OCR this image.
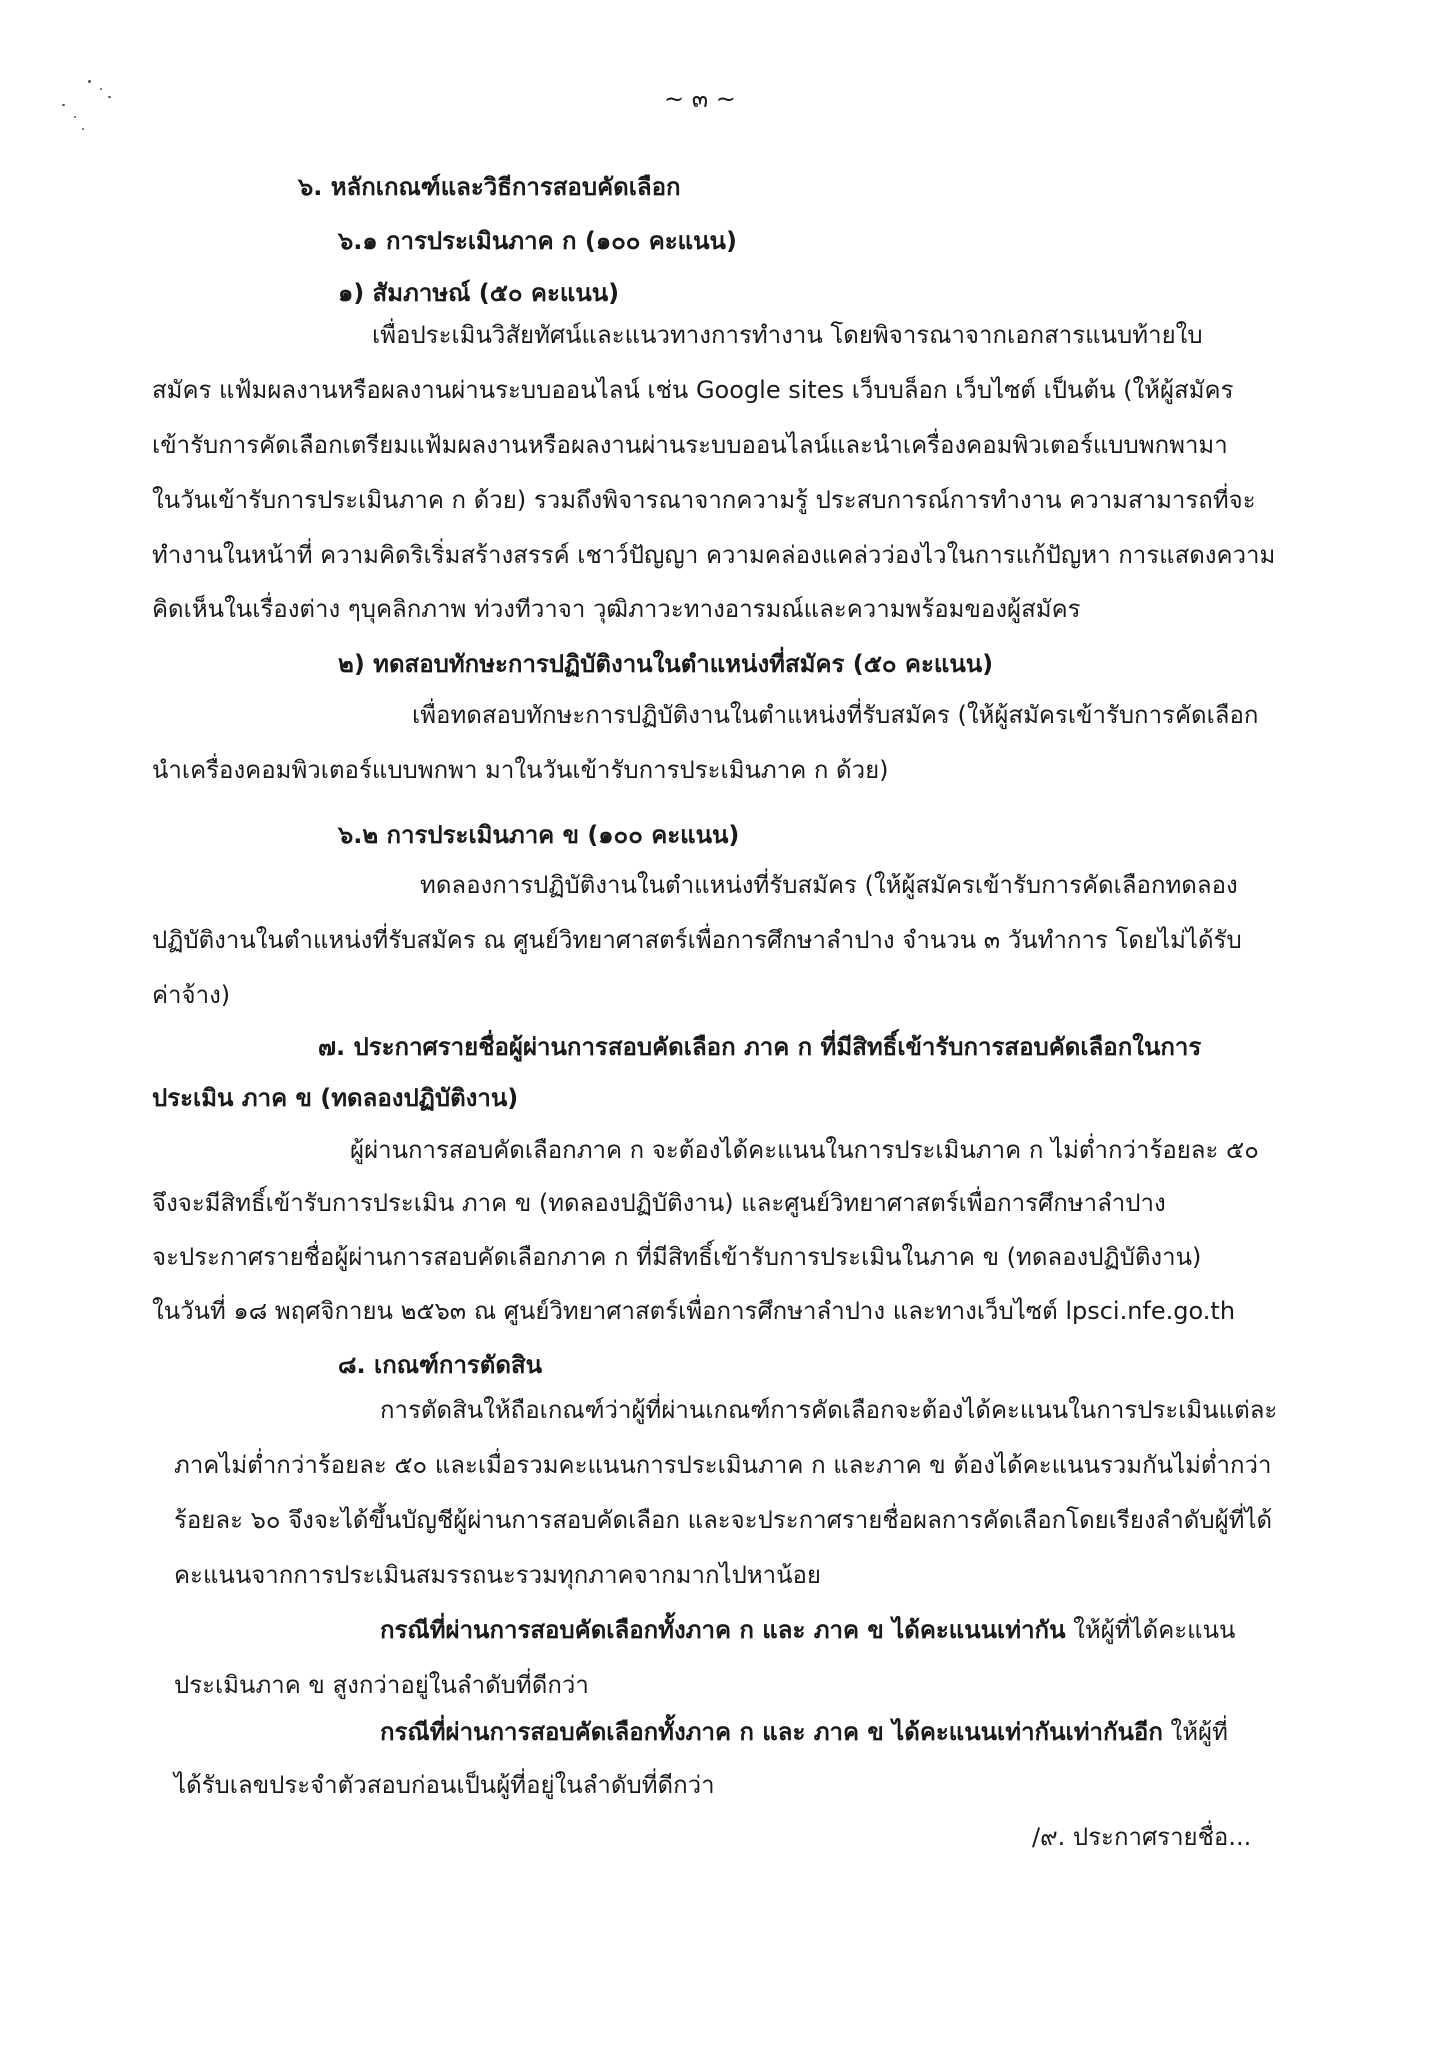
~ ๓ ~
๖. หลักเกณฑ์และวิธีการสอบคัดเลือก
๖.๑ การประเมินภาค ก (๑๐๐ คะแนน)
๑) สัมภาษณ์ (๕๐ คะแนน)
เพื่อประเมินวิสัยทัศน์และแนวทางการทำงาน โดยพิจารณาจากเอกสารแนบท้ายใบ
สมัคร แฟ้มผลงานหรือผลงานผ่านระบบออนไลน์ เช่น Google sites เว็บบล็อก เว็บไซต์ เป็นต้น (ให้ผู้สมัคร
เข้ารับการคัดเลือกเตรียมแฟ้มผลงานหรือผลงานผ่านระบบออนไลน์และนำเครื่องคอมพิวเตอร์แบบพกพามา
ในวันเข้ารับการประเมินภาค ก ด้วย) รวมถึงพิจารณาจากความรู้ ประสบการณ์การทำงาน ความสามารถที่จะ
ทำงานในหน้าที่ ความคิดริเริ่มสร้างสรรค์ เชาว์ปัญญา ความคล่องแคล่วว่องไวในการแก้ปัญหา การแสดงความ
คิดเห็นในเรื่องต่าง ๆบุคลิกภาพ ท่วงทีวาจา วุฒิภาวะทางอารมณ์และความพร้อมของผู้สมัคร
๒) ทดสอบทักษะการปฏิบัติงานในตำแหน่งที่สมัคร (๕๐ คะแนน)
เพื่อทดสอบทักษะการปฏิบัติงานในตำแหน่งที่รับสมัคร (ให้ผู้สมัครเข้ารับการคัดเลือก
นำเครื่องคอมพิวเตอร์แบบพกพา มาในวันเข้ารับการประเมินภาค ก ด้วย)
๖.๒ การประเมินภาค ข (๑๐๐ คะแนน)
ทดลองการปฏิบัติงานในตำแหน่งที่รับสมัคร (ให้ผู้สมัครเข้ารับการคัดเลือกทดลอง
ปฏิบัติงานในตำแหน่งที่รับสมัคร ณ ศูนย์วิทยาศาสตร์เพื่อการศึกษาลำปาง จำนวน ๓ วันทำการ โดยไม่ได้รับ
ค่าจ้าง)
๗. ประกาศรายชื่อผู้ผ่านการสอบคัดเลือก ภาค ก ที่มีสิทธิ์เข้ารับการสอบคัดเลือกในการ
ประเมิน ภาค ข (ทดลองปฏิบัติงาน)
ผู้ผ่านการสอบคัดเลือกภาค ก จะต้องได้คะแนนในการประเมินภาค ก ไม่ต่ำกว่าร้อยละ ๕๐
จึงจะมีสิทธิ์เข้ารับการประเมิน ภาค ข (ทดลองปฏิบัติงาน) และศูนย์วิทยาศาสตร์เพื่อการศึกษาลำปาง
จะประกาศรายชื่อผู้ผ่านการสอบคัดเลือกภาค ก ที่มีสิทธิ์เข้ารับการประเมินในภาค ข (ทดลองปฏิบัติงาน)
ในวันที่ ๑๘ พฤศจิกายน ๒๕๖๓ ณ ศูนย์วิทยาศาสตร์เพื่อการศึกษาลำปาง และทางเว็บไซต์ lpsci.nfe.go.th
๘. เกณฑ์การตัดสิน
การตัดสินให้ถือเกณฑ์ว่าผู้ที่ผ่านเกณฑ์การคัดเลือกจะต้องได้คะแนนในการประเมินแต่ละ
ภาคไม่ต่ำกว่าร้อยละ ๕๐ และเมื่อรวมคะแนนการประเมินภาค ก และภาค ข ต้องได้คะแนนรวมกันไม่ต่ำกว่า
ร้อยละ ๖๐ จึงจะได้ขึ้นบัญชีผู้ผ่านการสอบคัดเลือก และจะประกาศรายชื่อผลการคัดเลือกโดยเรียงลำดับผู้ที่ได้
คะแนนจากการประเมินสมรรถนะรวมทุกภาคจากมากไปหาน้อย
กรณีที่ผ่านการสอบคัดเลือกทั้งภาค ก และ ภาค ข ได้คะแนนเท่ากัน ให้ผู้ที่ได้คะแนน
ประเมินภาค ข สูงกว่าอยู่ในลำดับที่ดีกว่า
กรณีที่ผ่านการสอบคัดเลือกทั้งภาค ก และ ภาค ข ได้คะแนนเท่ากันเท่ากันอีก ให้ผู้ที่
ได้รับเลขประจำตัวสอบก่อนเป็นผู้ที่อยู่ในลำดับที่ดีกว่า
/๙. ประกาศรายชื่อ...
